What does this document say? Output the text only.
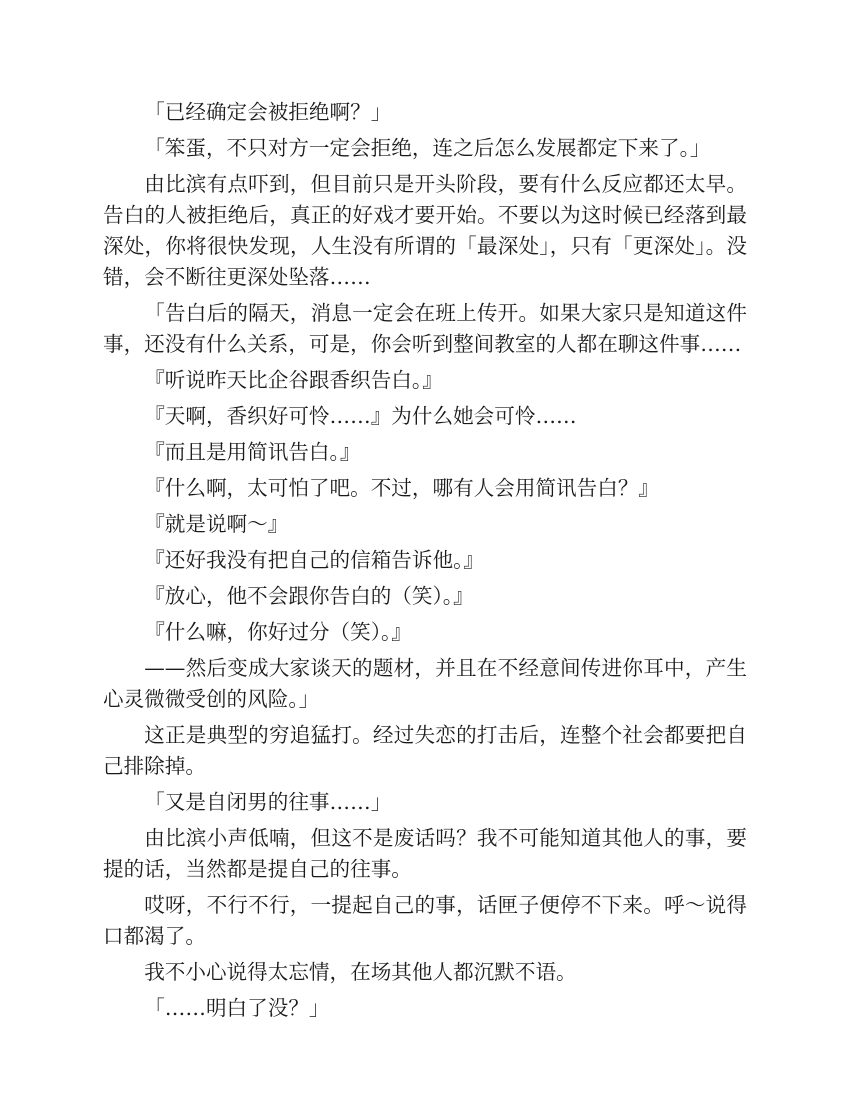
「已经确定会被拒绝啊？」

「笨蛋，不只对方一定会拒绝，连之后怎么发展都定下来了。」

由比滨有点吓到，但目前只是开头阶段，要有什么反应都还太早。告白的人被拒绝后，真正的好戏才要开始。不要以为这时候已经落到最深处，你将很快发现，人生没有所谓的「最深处」，只有「更深处」。没错，会不断往更深处坠落……

「告白后的隔天，消息一定会在班上传开。如果大家只是知道这件事，还没有什么关系，可是，你会听到整间教室的人都在聊这件事……

『听说昨天比企谷跟香织告白。』

『天啊，香织好可怜……』为什么她会可怜……

『而且是用简讯告白。』

『什么啊，太可怕了吧。不过，哪有人会用简讯告白？』

『就是说啊～』

『还好我没有把自己的信箱告诉他。』

『放心，他不会跟你告白的（笑）。』

『什么嘛，你好过分（笑）。』

——然后变成大家谈天的题材，并且在不经意间传进你耳中，产生心灵微微受创的风险。」

这正是典型的穷追猛打。经过失恋的打击后，连整个社会都要把自己排除掉。

「又是自闭男的往事……」

由比滨小声低喃，但这不是废话吗？我不可能知道其他人的事，要提的话，当然都是提自己的往事。

哎呀，不行不行，一提起自己的事，话匣子便停不下来。呼～说得口都渴了。

我不小心说得太忘情，在场其他人都沉默不语。

「……明白了没？」
